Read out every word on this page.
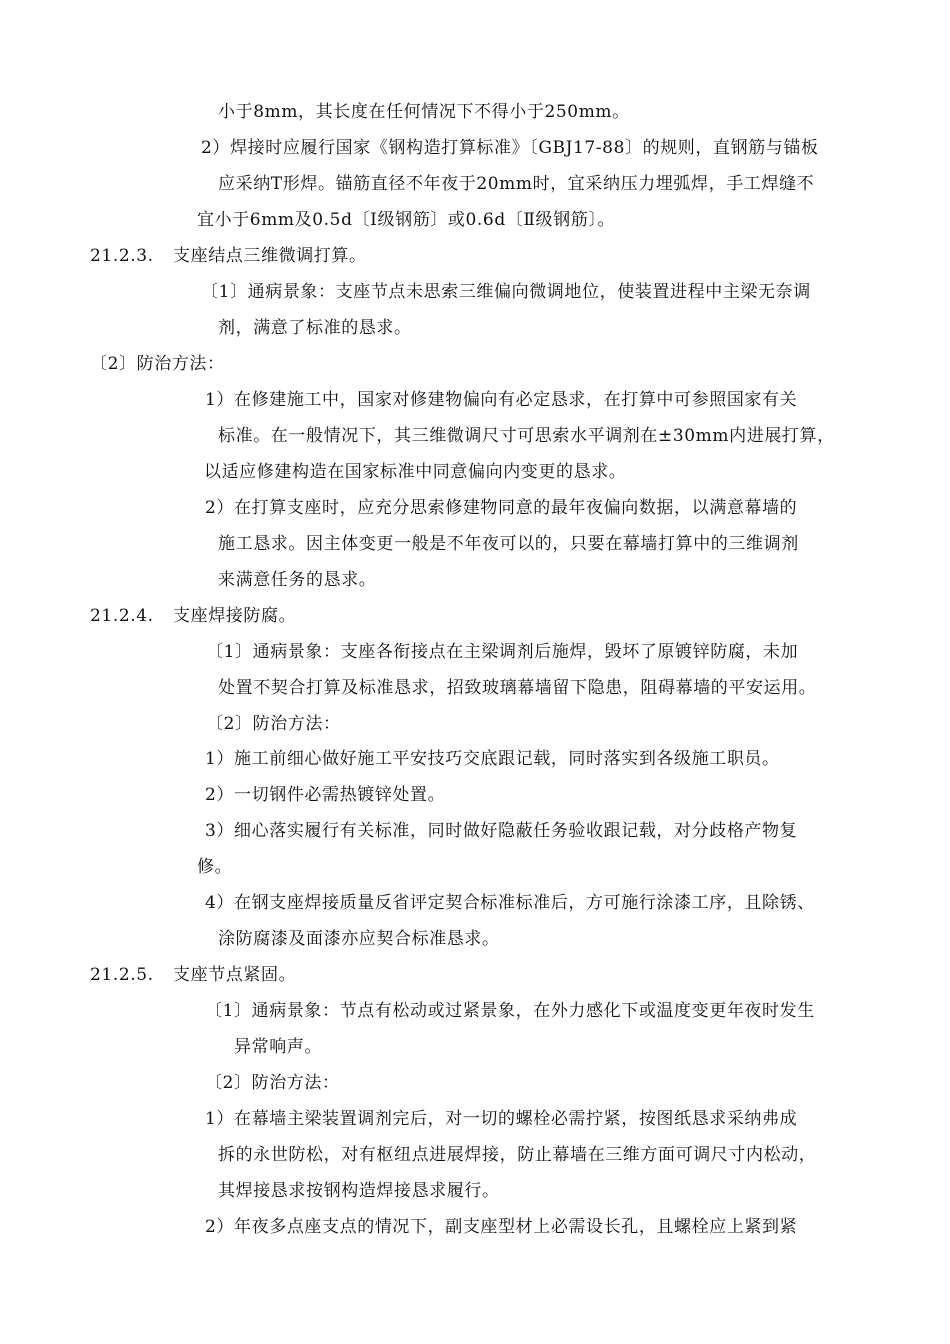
小于8mm，其长度在任何情况下不得小于250mm。
2）焊接时应履行国家《钢构造打算标准》〔GBJ17-88〕的规则，直钢筋与锚板
应采纳T形焊。锚筋直径不年夜于20mm时，宜采纳压力埋弧焊，手工焊缝不
宜小于6mm及0.5d〔Ⅰ级钢筋〕或0.6d〔Ⅱ级钢筋〕。
21.2.3. 支座结点三维微调打算。
〔1〕通病景象：支座节点未思索三维偏向微调地位，使装置进程中主梁无奈调
剂，满意了标准的恳求。
〔2〕防治方法：
1）在修建施工中，国家对修建物偏向有必定恳求，在打算中可参照国家有关
标准。在一般情况下，其三维微调尺寸可思索水平调剂在±30mm内进展打算，
以适应修建构造在国家标准中同意偏向内变更的恳求。
2）在打算支座时，应充分思索修建物同意的最年夜偏向数据，以满意幕墙的
施工恳求。因主体变更一般是不年夜可以的，只要在幕墙打算中的三维调剂
来满意任务的恳求。
21.2.4. 支座焊接防腐。
〔1〕通病景象：支座各衔接点在主梁调剂后施焊，毁坏了原镀锌防腐，未加
处置不契合打算及标准恳求，招致玻璃幕墙留下隐患，阻碍幕墙的平安运用。
〔2〕防治方法：
1）施工前细心做好施工平安技巧交底跟记载，同时落实到各级施工职员。
2）一切钢件必需热镀锌处置。
3）细心落实履行有关标准，同时做好隐蔽任务验收跟记载，对分歧格产物复
修。
4）在钢支座焊接质量反省评定契合标准标准后，方可施行涂漆工序，且除锈、
涂防腐漆及面漆亦应契合标准恳求。
21.2.5. 支座节点紧固。
〔1〕通病景象：节点有松动或过紧景象，在外力感化下或温度变更年夜时发生
异常响声。
〔2〕防治方法：
1）在幕墙主梁装置调剂完后，对一切的螺栓必需拧紧，按图纸恳求采纳弗成
拆的永世防松，对有枢纽点进展焊接，防止幕墙在三维方面可调尺寸内松动，
其焊接恳求按钢构造焊接恳求履行。
2）年夜多点座支点的情况下，副支座型材上必需设长孔，且螺栓应上紧到紧
